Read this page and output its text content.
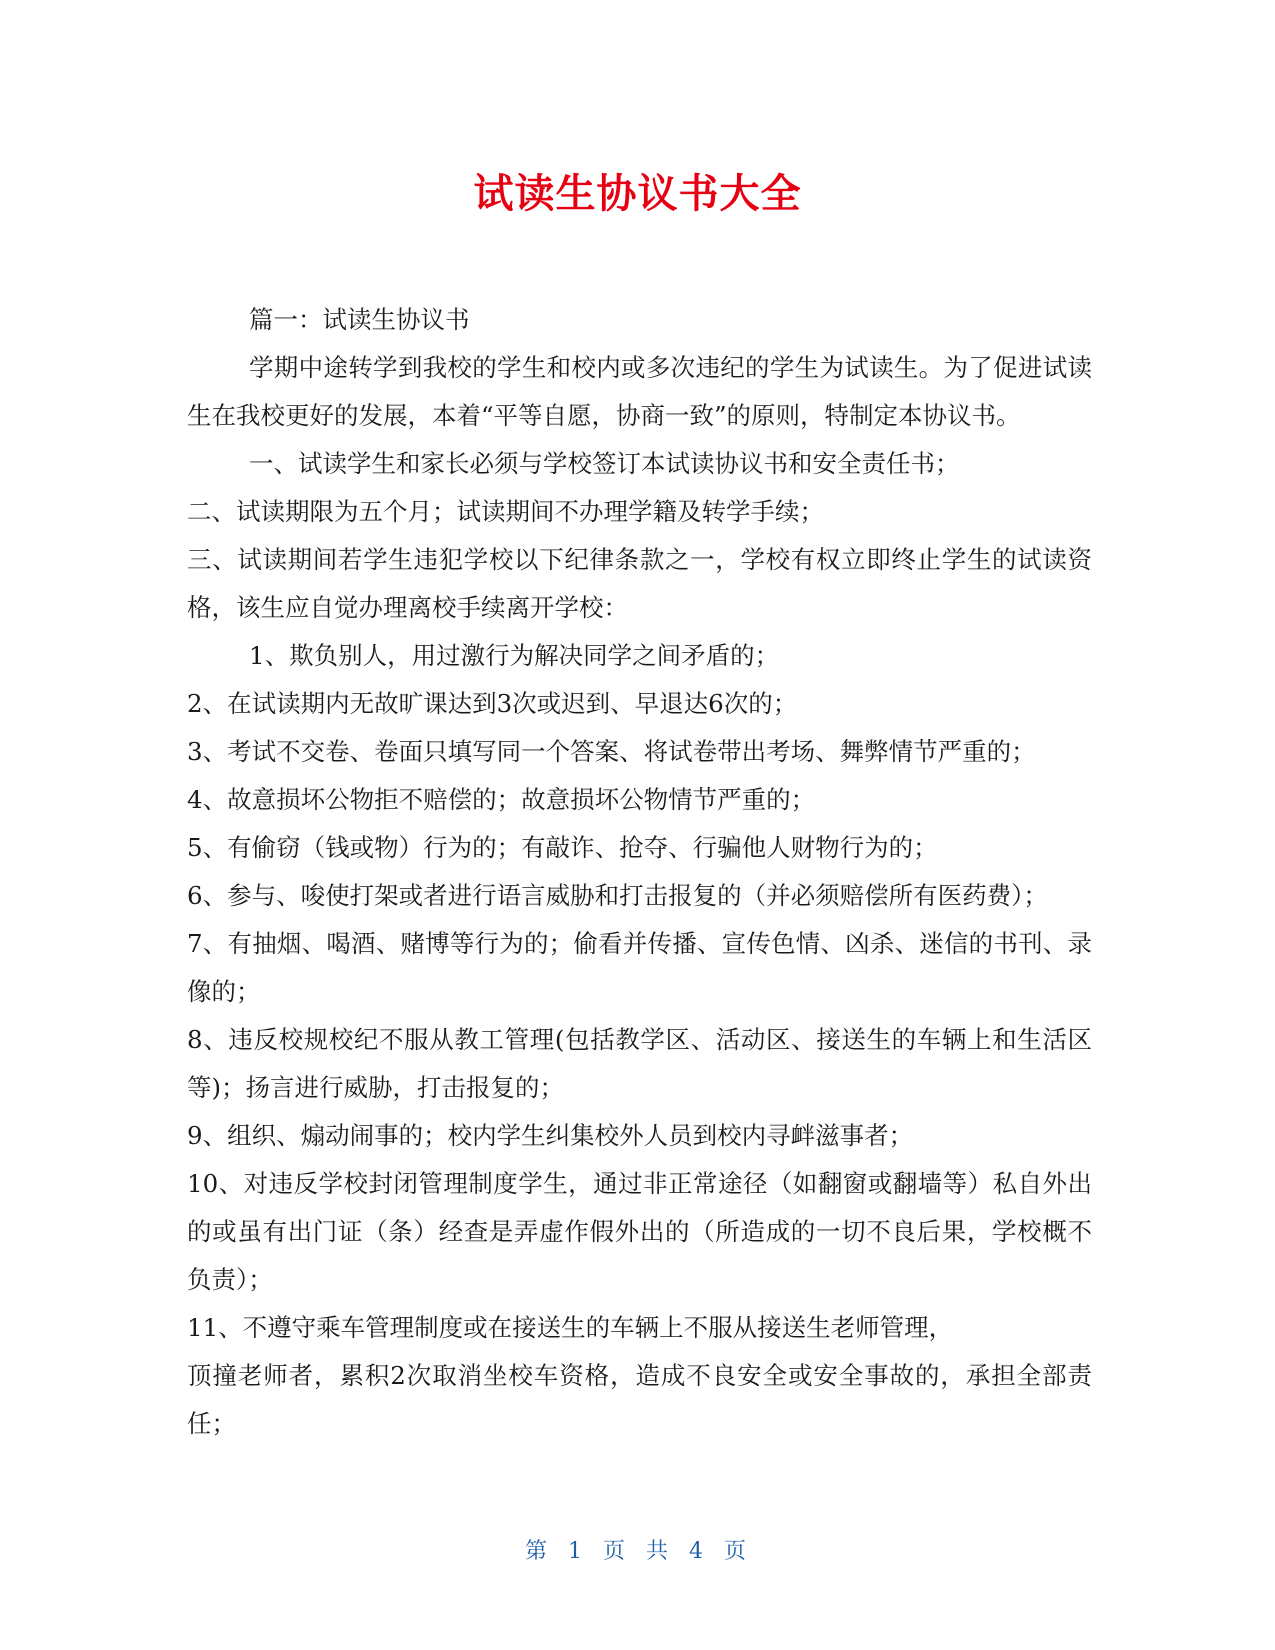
试读生协议书大全

篇一：试读生协议书

学期中途转学到我校的学生和校内或多次违纪的学生为试读生。为了促进试读生在我校更好的发展，本着“平等自愿，协商一致”的原则，特制定本协议书。

一、试读学生和家长必须与学校签订本试读协议书和安全责任书；

二、试读期限为五个月；试读期间不办理学籍及转学手续；

三、试读期间若学生违犯学校以下纪律条款之一，学校有权立即终止学生的试读资格，该生应自觉办理离校手续离开学校：

1、欺负别人，用过激行为解决同学之间矛盾的；

2、在试读期内无故旷课达到3次或迟到、早退达6次的；

3、考试不交卷、卷面只填写同一个答案、将试卷带出考场、舞弊情节严重的；

4、故意损坏公物拒不赔偿的；故意损坏公物情节严重的；

5、有偷窃（钱或物）行为的；有敲诈、抢夺、行骗他人财物行为的；

6、参与、唆使打架或者进行语言威胁和打击报复的（并必须赔偿所有医药费）；

7、有抽烟、喝酒、赌博等行为的；偷看并传播、宣传色情、凶杀、迷信的书刊、录像的；

8、违反校规校纪不服从教工管理(包括教学区、活动区、接送生的车辆上和生活区等)；扬言进行威胁，打击报复的；

9、组织、煽动闹事的；校内学生纠集校外人员到校内寻衅滋事者；

10、对违反学校封闭管理制度学生，通过非正常途径（如翻窗或翻墙等）私自外出的或虽有出门证（条）经查是弄虚作假外出的（所造成的一切不良后果，学校概不负责）；

11、不遵守乘车管理制度或在接送生的车辆上不服从接送生老师管理，

顶撞老师者，累积2次取消坐校车资格，造成不良安全或安全事故的，承担全部责任；

第 1 页 共 4 页
